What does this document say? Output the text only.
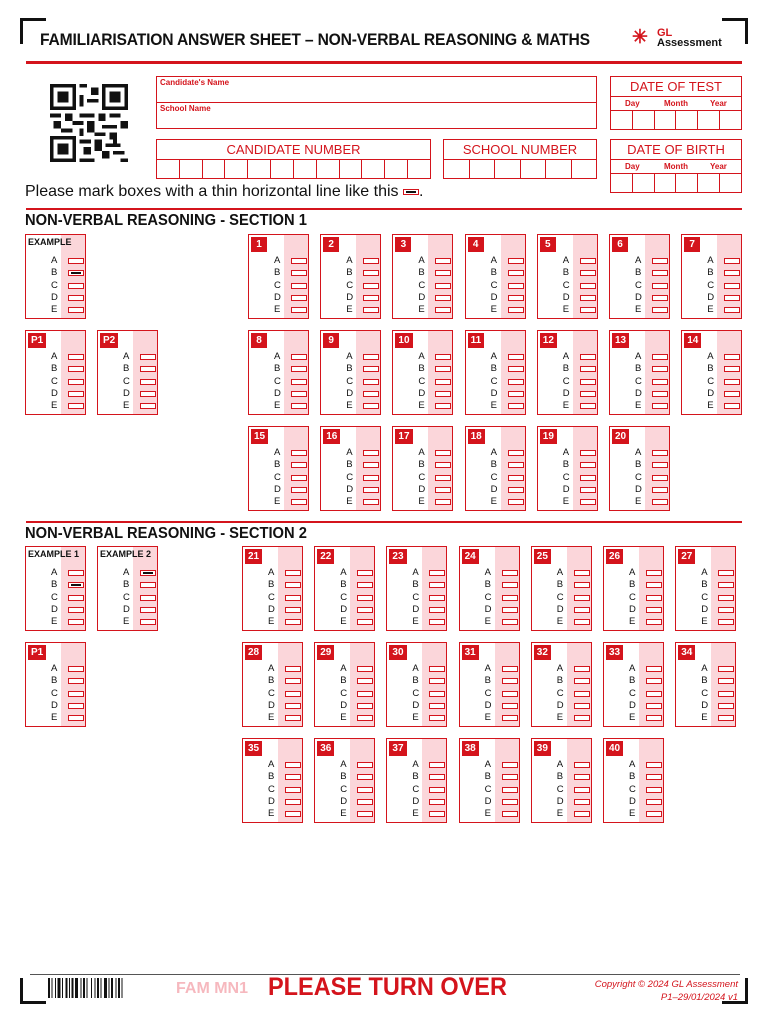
FAMILIARISATION ANSWER SHEET – NON-VERBAL REASONING & MATHS ✳ GL
Assessment
Candidate's Name
School Name
CANDIDATE NUMBER	SCHOOL NUMBER
DATE OF TEST
Day	Month	Year
DATE OF BIRTH
Day	Month	Year
Please mark boxes with a thin horizontal line like this .
NON-VERBAL REASONING - SECTION 1
EXAMPLE
A
B
C
D
E
P1
A
B
C
D
E
P2
A
B
C
D
E
1
A
B
C
D
E
2
A
B
C
D
E
3
A
B
C
D
E
4
A
B
C
D
E
5
A
B
C
D
E
6
A
B
C
D
E
7
A
B
C
D
E
8
A
B
C
D
E
9
A
B
C
D
E
10
A
B
C
D
E
11
A
B
C
D
E
12
A
B
C
D
E
13
A
B
C
D
E
14
A
B
C
D
E
15
A
B
C
D
E
16
A
B
C
D
E
17
A
B
C
D
E
18
A
B
C
D
E
19
A
B
C
D
E
20
A
B
C
D
E
NON-VERBAL REASONING - SECTION 2
EXAMPLE 1
A
B
C
D
E
EXAMPLE 2
A
B
C
D
E
P1
A
B
C
D
E
21
A
B
C
D
E
22
A
B
C
D
E
23
A
B
C
D
E
24
A
B
C
D
E
25
A
B
C
D
E
26
A
B
C
D
E
27
A
B
C
D
E
28
A
B
C
D
E
29
A
B
C
D
E
30
A
B
C
D
E
31
A
B
C
D
E
32
A
B
C
D
E
33
A
B
C
D
E
34
A
B
C
D
E
35
A
B
C
D
E
36
A
B
C
D
E
37
A
B
C
D
E
38
A
B
C
D
E
39
A
B
C
D
E
40
A
B
C
D
E
FAM MN1 PLEASE TURN OVER	Copyright © 2024 GL Assessment
P1–29/01/2024 v1
